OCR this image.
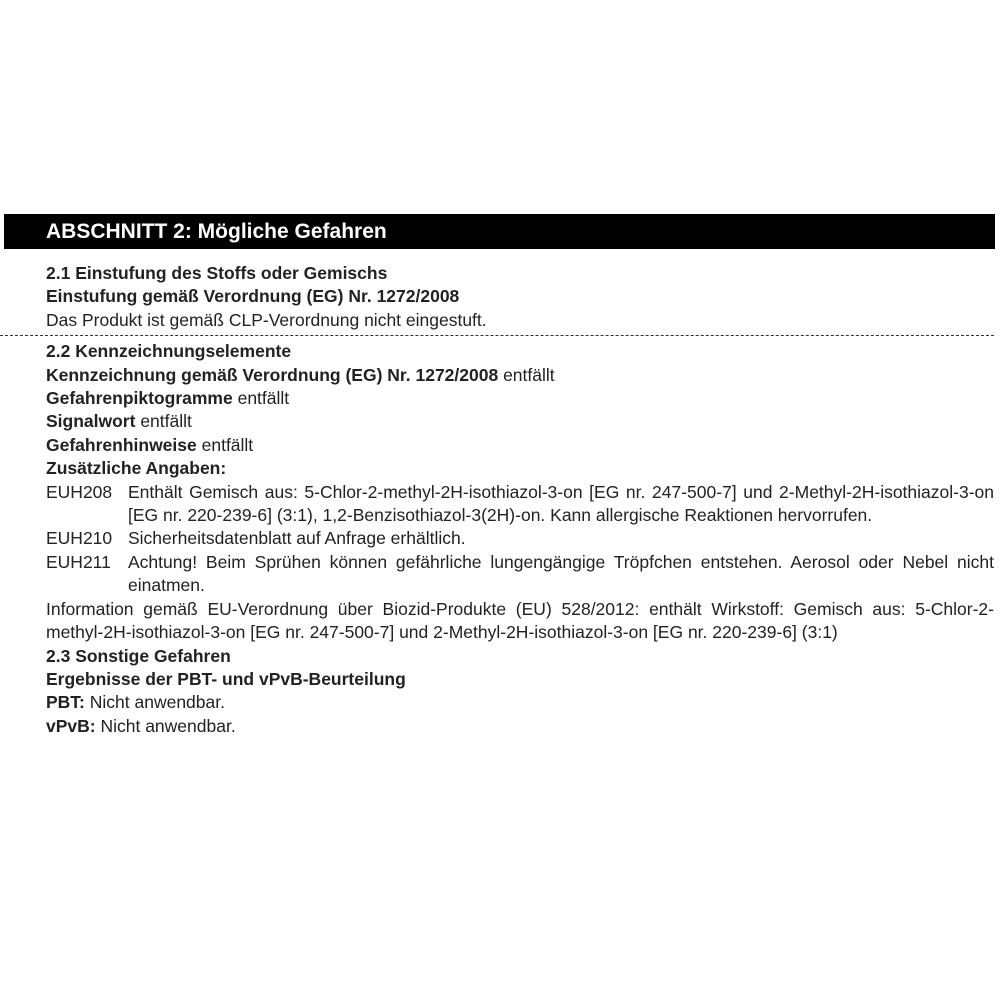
ABSCHNITT 2: Mögliche Gefahren
2.1 Einstufung des Stoffs oder Gemischs
Einstufung gemäß Verordnung (EG) Nr. 1272/2008
Das Produkt ist gemäß CLP-Verordnung nicht eingestuft.
2.2 Kennzeichnungselemente
Kennzeichnung gemäß Verordnung (EG) Nr. 1272/2008 entfällt
Gefahrenpiktogramme entfällt
Signalwort entfällt
Gefahrenhinweise entfällt
Zusätzliche Angaben:
EUH208 Enthält Gemisch aus: 5-Chlor-2-methyl-2H-isothiazol-3-on [EG nr. 247-500-7] und 2-Methyl-2H-isothiazol-3-on [EG nr. 220-239-6] (3:1), 1,2-Benzisothiazol-3(2H)-on. Kann allergische Reaktionen hervorrufen.
EUH210 Sicherheitsdatenblatt auf Anfrage erhältlich.
EUH211 Achtung! Beim Sprühen können gefährliche lungengängige Tröpfchen entstehen. Aerosol oder Nebel nicht einatmen.
Information gemäß EU-Verordnung über Biozid-Produkte (EU) 528/2012: enthält Wirkstoff: Gemisch aus: 5-Chlor-2-methyl-2H-isothiazol-3-on [EG nr. 247-500-7] und 2-Methyl-2H-isothiazol-3-on [EG nr. 220-239-6] (3:1)
2.3 Sonstige Gefahren
Ergebnisse der PBT- und vPvB-Beurteilung
PBT: Nicht anwendbar.
vPvB: Nicht anwendbar.
